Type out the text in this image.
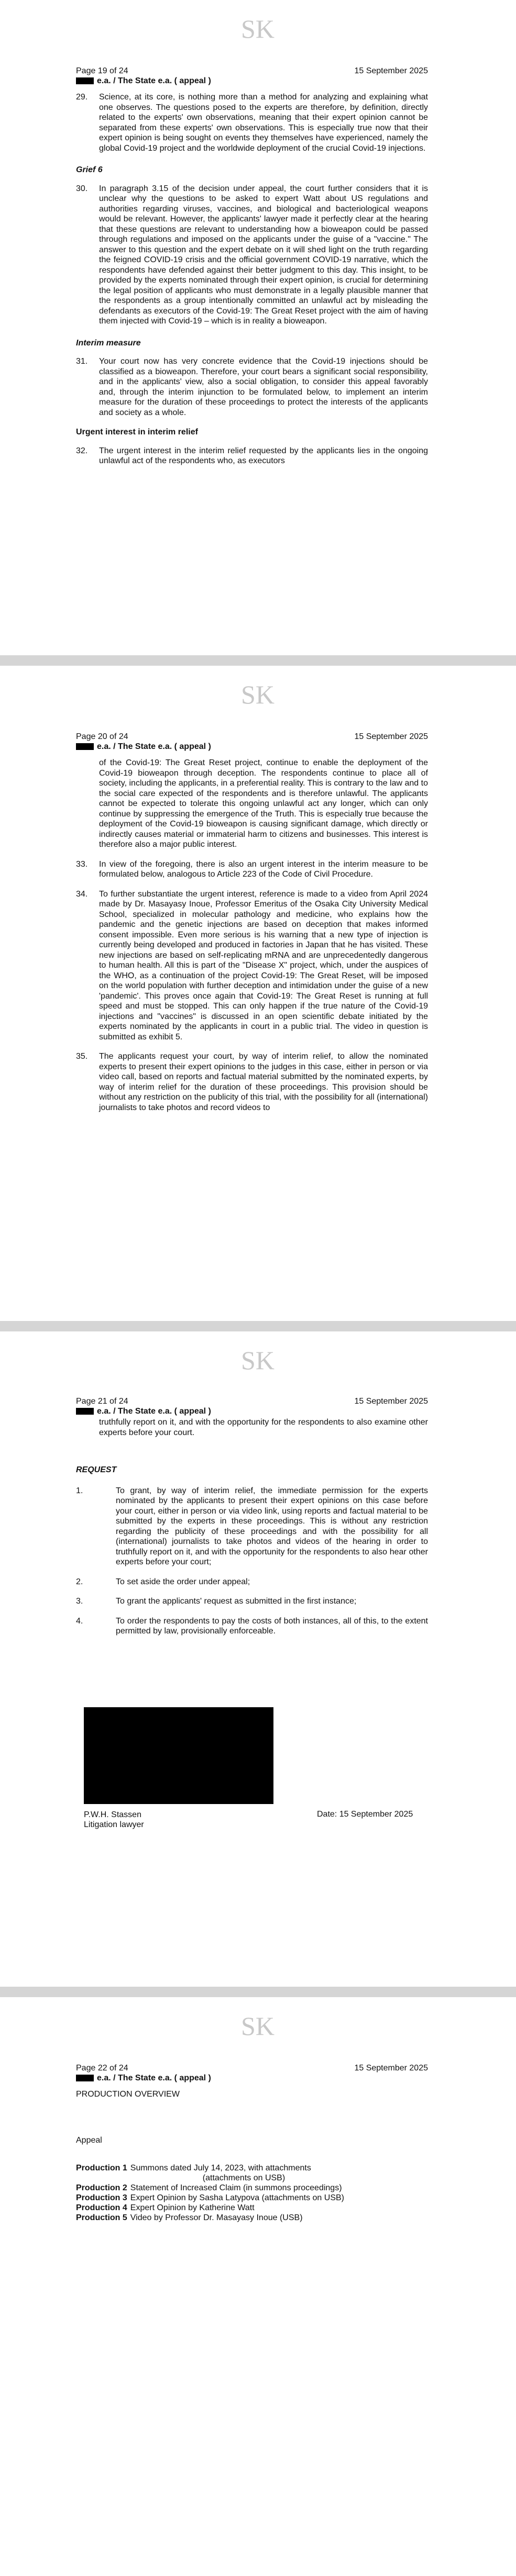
SK
Page 19 of 24	15 September 2025
e.a. / The State e.a. ( appeal )
29.	Science, at its core, is nothing more than a method for analyzing and explaining what one observes. The questions posed to the experts are therefore, by definition, directly related to the experts' own observations, meaning that their expert opinion cannot be separated from these experts' own observations. This is especially true now that their expert opinion is being sought on events they themselves have experienced, namely the global Covid-19 project and the worldwide deployment of the crucial Covid-19 injections.
Grief 6
30.	In paragraph 3.15 of the decision under appeal, the court further considers that it is unclear why the questions to be asked to expert Watt about US regulations and authorities regarding viruses, vaccines, and biological and bacteriological weapons would be relevant. However, the applicants' lawyer made it perfectly clear at the hearing that these questions are relevant to understanding how a bioweapon could be passed through regulations and imposed on the applicants under the guise of a "vaccine." The answer to this question and the expert debate on it will shed light on the truth regarding the feigned COVID-19 crisis and the official government COVID-19 narrative, which the respondents have defended against their better judgment to this day. This insight, to be provided by the experts nominated through their expert opinion, is crucial for determining the legal position of applicants who must demonstrate in a legally plausible manner that the respondents as a group intentionally committed an unlawful act by misleading the defendants as executors of the Covid-19: The Great Reset project with the aim of having them injected with Covid-19 – which is in reality a bioweapon.
Interim measure
31.	Your court now has very concrete evidence that the Covid-19 injections should be classified as a bioweapon. Therefore, your court bears a significant social responsibility, and in the applicants' view, also a social obligation, to consider this appeal favorably and, through the interim injunction to be formulated below, to implement an interim measure for the duration of these proceedings to protect the interests of the applicants and society as a whole.
Urgent interest in interim relief
32.	The urgent interest in the interim relief requested by the applicants lies in the ongoing unlawful act of the respondents who, as executors
SK
Page 20 of 24	15 September 2025
e.a. / The State e.a. ( appeal )
of the Covid-19: The Great Reset project, continue to enable the deployment of the Covid-19 bioweapon through deception. The respondents continue to place all of society, including the applicants, in a preferential reality. This is contrary to the law and to the social care expected of the respondents and is therefore unlawful. The applicants cannot be expected to tolerate this ongoing unlawful act any longer, which can only continue by suppressing the emergence of the Truth. This is especially true because the deployment of the Covid-19 bioweapon is causing significant damage, which directly or indirectly causes material or immaterial harm to citizens and businesses. This interest is therefore also a major public interest.
33.	In view of the foregoing, there is also an urgent interest in the interim measure to be formulated below, analogous to Article 223 of the Code of Civil Procedure.
34.	To further substantiate the urgent interest, reference is made to a video from April 2024 made by Dr. Masayasy Inoue, Professor Emeritus of the Osaka City University Medical School, specialized in molecular pathology and medicine, who explains how the pandemic and the genetic injections are based on deception that makes informed consent impossible. Even more serious is his warning that a new type of injection is currently being developed and produced in factories in Japan that he has visited. These new injections are based on self-replicating mRNA and are unprecedentedly dangerous to human health. All this is part of the "Disease X" project, which, under the auspices of the WHO, as a continuation of the project Covid-19: The Great Reset, will be imposed on the world population with further deception and intimidation under the guise of a new 'pandemic'. This proves once again that Covid-19: The Great Reset is running at full speed and must be stopped. This can only happen if the true nature of the Covid-19 injections and "vaccines" is discussed in an open scientific debate initiated by the experts nominated by the applicants in court in a public trial. The video in question is submitted as exhibit 5.
35.	The applicants request your court, by way of interim relief, to allow the nominated experts to present their expert opinions to the judges in this case, either in person or via video call, based on reports and factual material submitted by the nominated experts, by way of interim relief for the duration of these proceedings. This provision should be without any restriction on the publicity of this trial, with the possibility for all (international) journalists to take photos and record videos to
SK
Page 21 of 24	15 September 2025
e.a. / The State e.a. ( appeal )
truthfully report on it, and with the opportunity for the respondents to also examine other experts before your court.
REQUEST
1.	To grant, by way of interim relief, the immediate permission for the experts nominated by the applicants to present their expert opinions on this case before your court, either in person or via video link, using reports and factual material to be submitted by the experts in these proceedings. This is without any restriction regarding the publicity of these proceedings and with the possibility for all (international) journalists to take photos and videos of the hearing in order to truthfully report on it, and with the opportunity for the respondents to also hear other experts before your court;
2.	To set aside the order under appeal;
3.	To grant the applicants' request as submitted in the first instance;
4.	To order the respondents to pay the costs of both instances, all of this, to the extent permitted by law, provisionally enforceable.
P.W.H. Stassen
Litigation lawyer
Date: 15 September 2025
SK
Page 22 of 24	15 September 2025
e.a. / The State e.a. ( appeal )
PRODUCTION OVERVIEW
Appeal
Production 1 Summons dated July 14, 2023, with attachments
(attachments on USB)
Production 2 Statement of Increased Claim (in summons proceedings)
Production 3 Expert Opinion by Sasha Latypova (attachments on USB)
Production 4 Expert Opinion by Katherine Watt
Production 5 Video by Professor Dr. Masayasy Inoue (USB)
